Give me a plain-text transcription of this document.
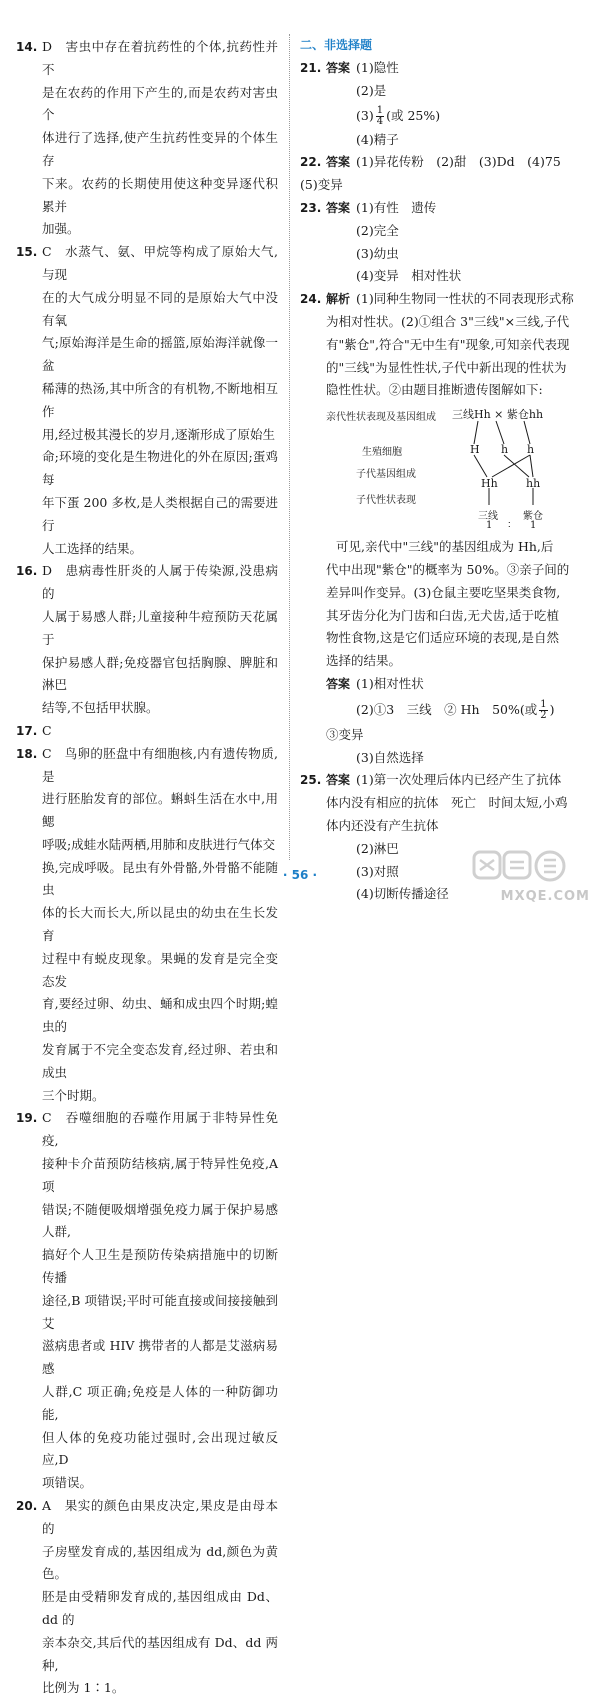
14. D　害虫中存在着抗药性的个体,抗药性并不
是在农药的作用下产生的,而是农药对害虫个
体进行了选择,使产生抗药性变异的个体生存
下来。农药的长期使用使这种变异逐代积累并
加强。
15. C　水蒸气、氨、甲烷等构成了原始大气,与现
在的大气成分明显不同的是原始大气中没有氧
气;原始海洋是生命的摇篮,原始海洋就像一盆
稀薄的热汤,其中所含的有机物,不断地相互作
用,经过极其漫长的岁月,逐渐形成了原始生
命;环境的变化是生物进化的外在原因;蛋鸡每
年下蛋 200 多枚,是人类根据自己的需要进行
人工选择的结果。
16. D　患病毒性肝炎的人属于传染源,没患病的
人属于易感人群;儿童接种牛痘预防天花属于
保护易感人群;免疫器官包括胸腺、脾脏和淋巴
结等,不包括甲状腺。
17. C
18. C　鸟卵的胚盘中有细胞核,内有遗传物质,是
进行胚胎发育的部位。蝌蚪生活在水中,用鳃
呼吸;成蛙水陆两栖,用肺和皮肤进行气体交
换,完成呼吸。昆虫有外骨骼,外骨骼不能随虫
体的长大而长大,所以昆虫的幼虫在生长发育
过程中有蜕皮现象。果蝇的发育是完全变态发
育,要经过卵、幼虫、蛹和成虫四个时期;蝗虫的
发育属于不完全变态发育,经过卵、若虫和成虫
三个时期。
19. C　吞噬细胞的吞噬作用属于非特异性免疫,
接种卡介苗预防结核病,属于特异性免疫,A 项
错误;不随便吸烟增强免疫力属于保护易感人群,
搞好个人卫生是预防传染病措施中的切断传播
途径,B 项错误;平时可能直接或间接接触到艾
滋病患者或 HIV 携带者的人都是艾滋病易感
人群,C 项正确;免疫是人体的一种防御功能,
但人体的免疫功能过强时,会出现过敏反应,D
项错误。
20. A　果实的颜色由果皮决定,果皮是由母本的
子房壁发育成的,基因组成为 dd,颜色为黄色。
胚是由受精卵发育成的,基因组成由 Dd、dd 的
亲本杂交,其后代的基因组成有 Dd、dd 两种,
比例为 1∶1。
二、非选择题
21. 答案 (1)隐性
(2)是
$(3) \frac{1}{4}$ (或 25%)
(4)精子
22. 答案 (1)异花传粉　(2)甜　(3)Dd　(4)75
(5)变异
23. 答案 (1)有性　遗传
(2)完全
(3)幼虫
(4)变异　相对性状
24. 解析 (1)同种生物同一性状的不同表现形式称
为相对性状。(2)①组合 3"三线"×三线,子代
有"紫仓",符合"无中生有"现象,可知亲代表现
的"三线"为显性性状,子代中新出现的性状为
隐性性状。②由题目推断遗传图解如下:
亲代性状表现及基因组成 三线Hh × 紫仓hh
生殖细胞	H h h
子代基因组成
Hh	hh
子代性状表现
三线	紫仓
1 ∶ 1
可见,亲代中"三线"的基因组成为 Hh,后
代中出现"紫仓"的概率为 50%。③亲子间的
差异叫作变异。(3)仓鼠主要吃坚果类食物,
其牙齿分化为门齿和臼齿,无犬齿,适于吃植
物性食物,这是它们适应环境的表现,是自然
选择的结果。
答案 (1)相对性状
(2)①3　三线　② Hh　50%(或 $\frac{1}{2}$ )
③变异
(3)自然选择
25. 答案 (1)第一次处理后体内已经产生了抗体
体内没有相应的抗体　死亡　时间太短,小鸡
体内还没有产生抗体
(2)淋巴
(3)对照
(4)切断传播途径
· 56 ·
MXQE.COM
